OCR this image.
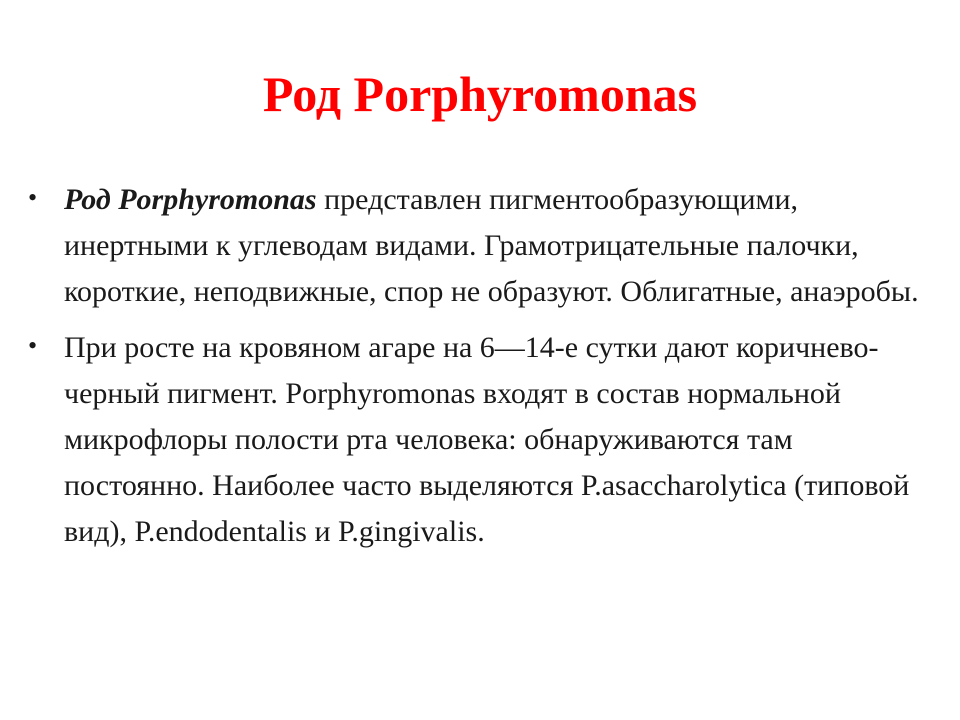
Род Porphyromonas
• Род Porphyromonas представлен пигментообразующими, инертными к углеводам видами. Грамотрицательные палочки, короткие, неподвижные, спор не образуют. Облигатные, анаэробы.
• При росте на кровяном агаре на 6—14-е сутки дают коричнево-черный пигмент. Porphyromonas входят в состав нормальной микрофлоры полости рта человека: обнаруживаются там постоянно. Наиболее часто выделяются P.asaccharolytica (типовой вид), P.endodentalis и P.gingivalis.
